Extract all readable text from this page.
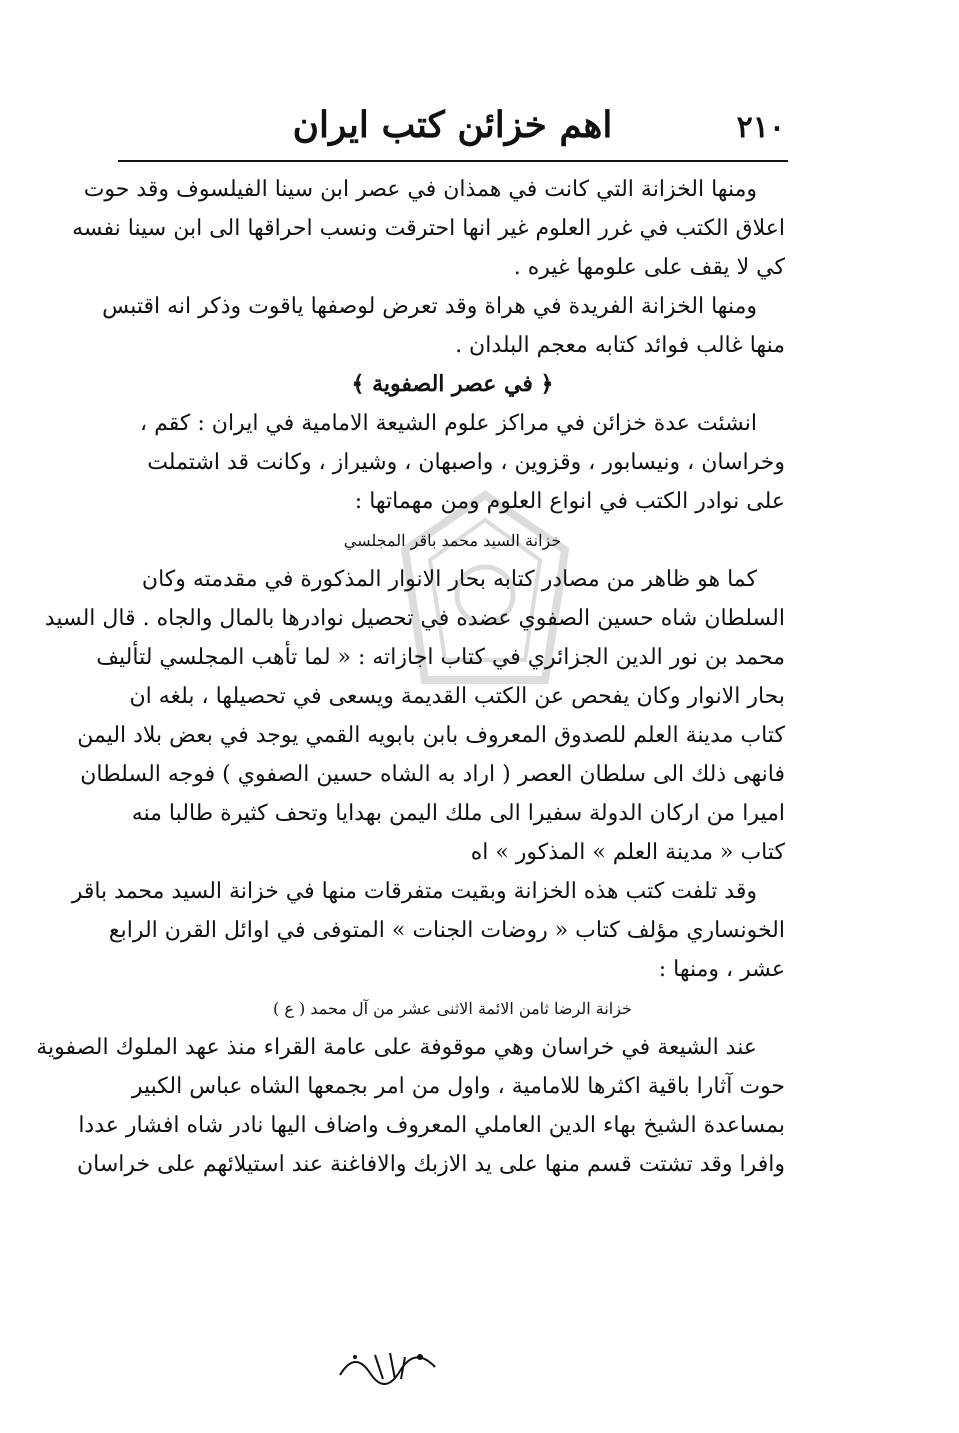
٢١٠
اهم خزائن كتب ايران
ومنها الخزانة التي كانت في همذان في عصر ابن سينا الفيلسوف وقد حوت
اعلاق الكتب في غرر العلوم غير انها احترقت ونسب احراقها الى ابن سينا نفسه
كي لا يقف على علومها غيره .
ومنها الخزانة الفريدة في هراة وقد تعرض لوصفها ياقوت وذكر انه اقتبس
منها غالب فوائد كتابه معجم البلدان .
﴿ في عصر الصفوية ﴾
انشئت عدة خزائن في مراكز علوم الشيعة الامامية في ايران : كقم ،
وخراسان ، ونيسابور ، وقزوين ، واصبهان ، وشيراز ، وكانت قد اشتملت
على نوادر الكتب في انواع العلوم ومن مهماتها :
خزانة السيد محمد باقر المجلسي
كما هو ظاهر من مصادر كتابه بحار الانوار المذكورة في مقدمته وكان
السلطان شاه حسين الصفوي عضده في تحصيل نوادرها بالمال والجاه . قال السيد
محمد بن نور الدين الجزائري في كتاب اجازاته : « لما تأهب المجلسي لتأليف
بحار الانوار وكان يفحص عن الكتب القديمة ويسعى في تحصيلها ، بلغه ان
كتاب مدينة العلم للصدوق المعروف بابن بابويه القمي يوجد في بعض بلاد اليمن
فانهى ذلك الى سلطان العصر ( اراد به الشاه حسين الصفوي ) فوجه السلطان
اميرا من اركان الدولة سفيرا الى ملك اليمن بهدايا وتحف كثيرة طالبا منه
كتاب « مدينة العلم » المذكور » اه
وقد تلفت كتب هذه الخزانة وبقيت متفرقات منها في خزانة السيد محمد باقر
الخونساري مؤلف كتاب « روضات الجنات » المتوفى في اوائل القرن الرابع
عشر ، ومنها :
خزانة الرضا ثامن الائمة الاثنى عشر من آل محمد ( ع )
عند الشيعة في خراسان وهي موقوفة على عامة القراء منذ عهد الملوك الصفوية
حوت آثارا باقية اكثرها للامامية ، واول من امر بجمعها الشاه عباس الكبير
بمساعدة الشيخ بهاء الدين العاملي المعروف واضاف اليها نادر شاه افشار عددا
وافرا وقد تشتت قسم منها على يد الازبك والافاغنة عند استيلائهم على خراسان
